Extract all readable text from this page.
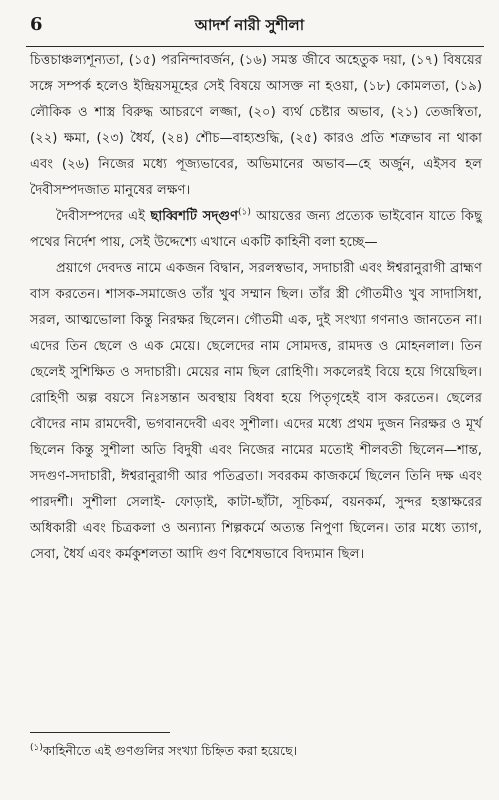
6	আদর্শ নারী সুশীলা

চিত্তচাঞ্চল্যশূন্যতা, (১৫) পরনিন্দাবর্জন, (১৬) সমস্ত জীবে অহেতুক দয়া, (১৭) বিষয়ের সঙ্গে সম্পর্ক হলেও ইন্দ্রিয়সমূহের সেই বিষয়ে আসক্ত না হওয়া, (১৮) কোমলতা, (১৯) লৌকিক ও শাস্ত্র বিরুদ্ধ আচরণে লজ্জা, (২০) ব্যর্থ চেষ্টার অভাব, (২১) তেজস্বিতা, (২২) ক্ষমা, (২৩) ধৈর্য, (২৪) শৌচ—বাহ্যশুদ্ধি, (২৫) কারও প্রতি শত্রুভাব না থাকা এবং (২৬) নিজের মধ্যে পূজ্যভাবের, অভিমানের অভাব—হে অর্জুন, এইসব হল দৈবীসম্পদজাত মানুষের লক্ষণ।

দৈবীসম্পদের এই ছাব্বিশটি সদ্গুণ$^{(১)}$ আয়ত্তের জন্য প্রত্যেক ভাইবোন যাতে কিছু পথের নির্দেশ পায়, সেই উদ্দেশ্যে এখানে একটি কাহিনী বলা হচ্ছে—

প্রয়াগে দেবদত্ত নামে একজন বিদ্বান, সরলস্বভাব, সদাচারী এবং ঈশ্বরানুরাগী ব্রাহ্মণ বাস করতেন। শাসক-সমাজেও তাঁর খুব সম্মান ছিল। তাঁর স্ত্রী গৌতমীও খুব সাদাসিধা, সরল, আত্মভোলা কিন্তু নিরক্ষর ছিলেন। গৌতমী এক, দুই সংখ্যা গণনাও জানতেন না। এদের তিন ছেলে ও এক মেয়ে। ছেলেদের নাম সোমদত্ত, রামদত্ত ও মোহনলাল। তিন ছেলেই সুশিক্ষিত ও সদাচারী। মেয়ের নাম ছিল রোহিণী। সকলেরই বিয়ে হয়ে গিয়েছিল। রোহিণী অল্প বয়সে নিঃসন্তান অবস্থায় বিধবা হয়ে পিতৃগৃহেই বাস করতেন। ছেলের বৌদের নাম রামদেবী, ভগবানদেবী এবং সুশীলা। এদের মধ্যে প্রথম দুজন নিরক্ষর ও মূর্খ ছিলেন কিন্তু সুশীলা অতি বিদুষী এবং নিজের নামের মতোই শীলবতী ছিলেন—শান্ত, সদগুণ-সদাচারী, ঈশ্বরানুরাগী আর পতিব্রতা। সবরকম কাজকর্মে ছিলেন তিনি দক্ষ এবং পারদর্শী। সুশীলা সেলাই- ফোড়াই, কাটা-ছাঁটা, সূচিকর্ম, বয়নকর্ম, সুন্দর হস্তাক্ষরের অধিকারী এবং চিত্রকলা ও অন্যান্য শিল্পকর্মে অত্যন্ত নিপুণা ছিলেন। তার মধ্যে ত্যাগ, সেবা, ধৈর্য এবং কর্মকুশলতা আদি গুণ বিশেষভাবে বিদ্যমান ছিল।

$^{(১)}$কাহিনীতে এই গুণগুলির সংখ্যা চিহ্নিত করা হয়েছে।
